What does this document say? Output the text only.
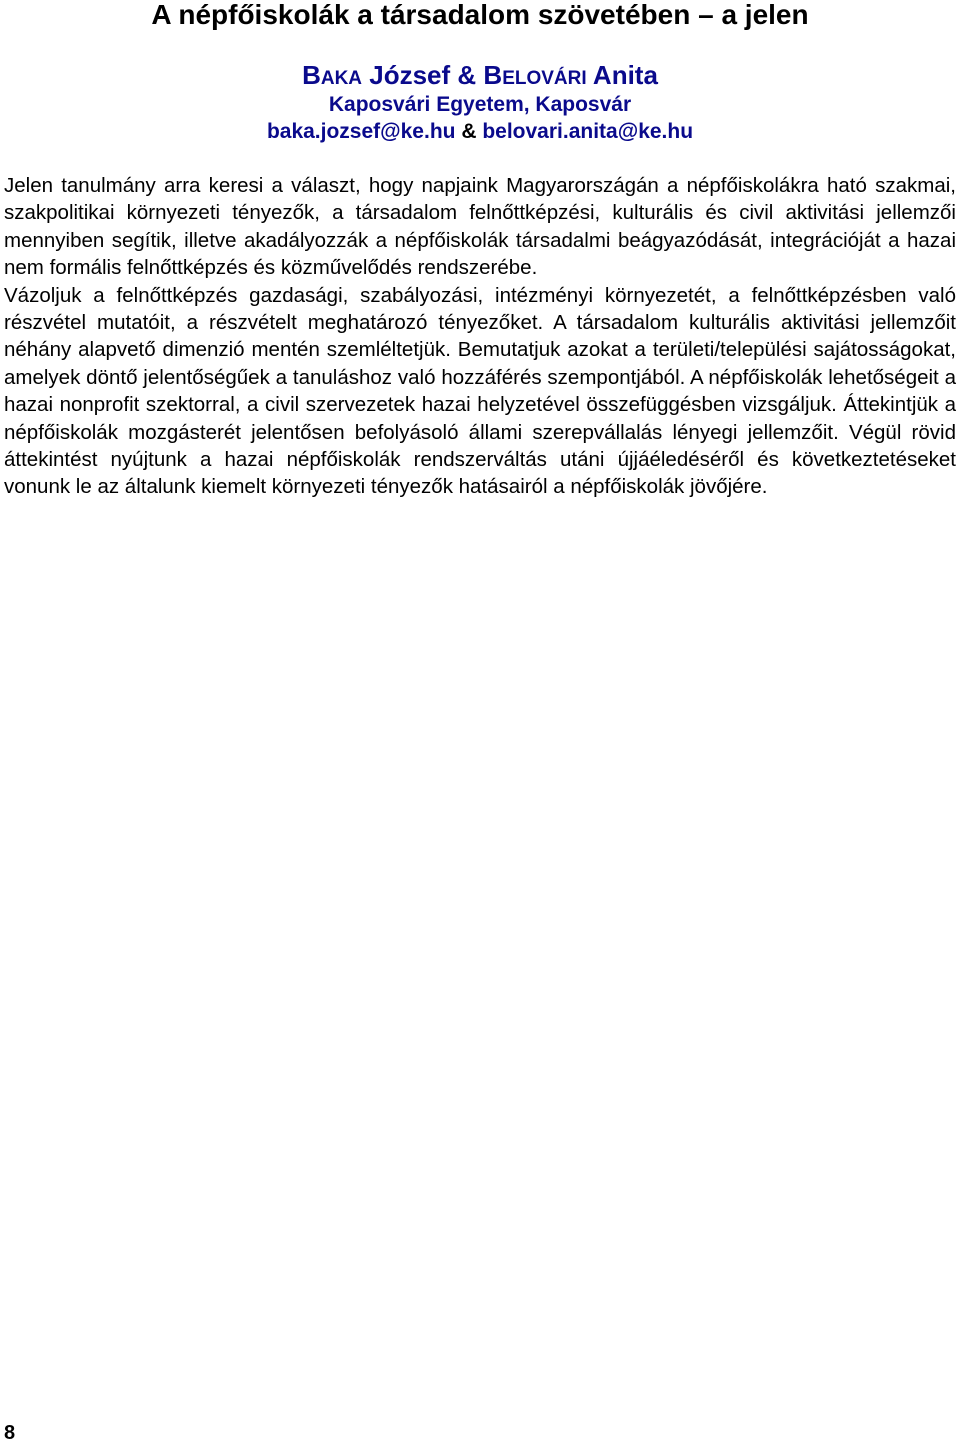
A népfőiskolák a társadalom szövetében – a jelen
BAKA József & BELOVÁRI Anita
Kaposvári Egyetem, Kaposvár
baka.jozsef@ke.hu & belovari.anita@ke.hu

Jelen tanulmány arra keresi a választ, hogy napjaink Magyarországán a népfőiskolákra ható szakmai, szakpolitikai környezeti tényezők, a társadalom felnőttképzési, kulturális és civil aktivitási jellemzői mennyiben segítik, illetve akadályozzák a népfőiskolák társadalmi beágyazódását, integrációját a hazai nem formális felnőttképzés és közművelődés rendszerébe.

Vázoljuk a felnőttképzés gazdasági, szabályozási, intézményi környezetét, a felnőttképzésben való részvétel mutatóit, a részvételt meghatározó tényezőket. A társadalom kulturális aktivitási jellemzőit néhány alapvető dimenzió mentén szemléltetjük. Bemutatjuk azokat a területi/települési sajátosságokat, amelyek döntő jelentőségűek a tanuláshoz való hozzáférés szempontjából. A népfőiskolák lehetőségeit a hazai nonprofit szektorral, a civil szervezetek hazai helyzetével összefüggésben vizsgáljuk. Áttekintjük a népfőiskolák mozgásterét jelentősen befolyásoló állami szerepvállalás lényegi jellemzőit. Végül rövid áttekintést nyújtunk a hazai népfőiskolák rendszerváltás utáni újjáéledéséről és következtetéseket vonunk le az általunk kiemelt környezeti tényezők hatásairól a népfőiskolák jövőjére.

8
